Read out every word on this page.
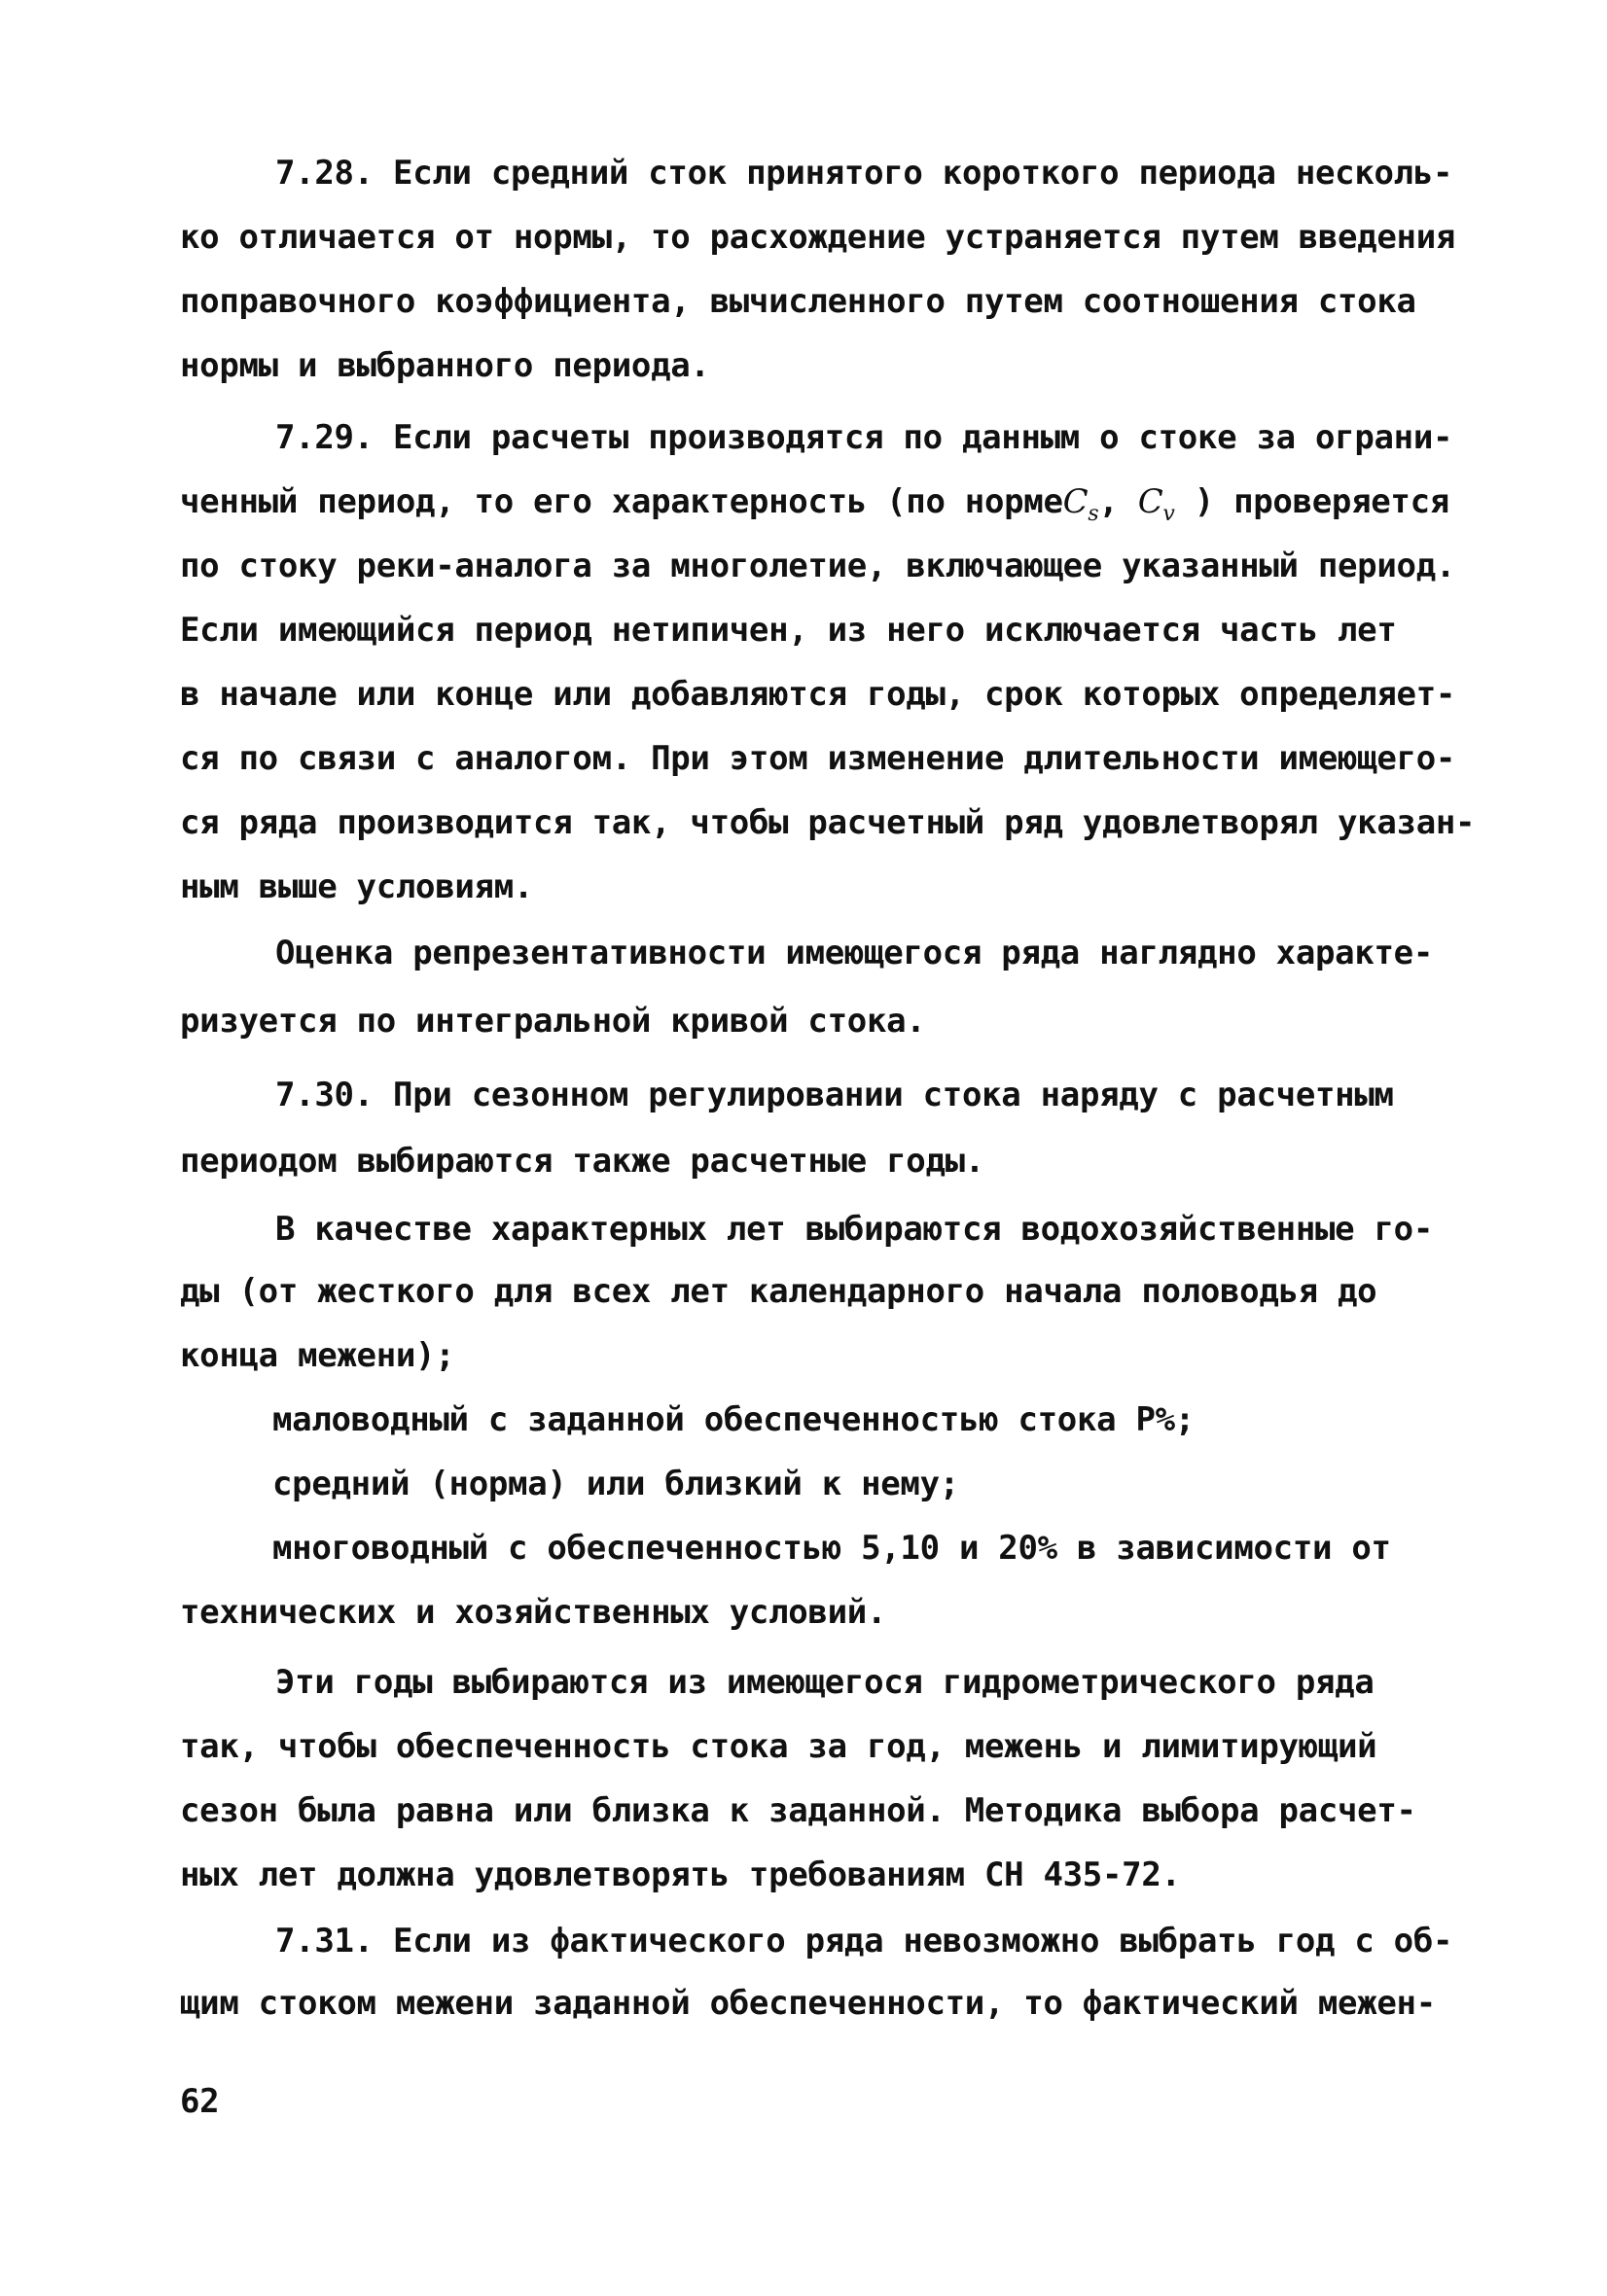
7.28. Если средний сток принятого короткого периода несколь-
ко отличается от нормы, то расхождение устраняется путем введения
поправочного коэффициента, вычисленного путем соотношения стока
нормы и выбранного периода.
7.29. Если расчеты производятся по данным о стоке за ограни-
ченный период, то его характерность (по нормеC$_s$, $C_v$ ) проверяется
по стоку реки-аналога за многолетие, включающее указанный период.
Если имеющийся период нетипичен, из него исключается часть лет
в начале или конце или добавляются годы, срок которых определяет-
ся по связи с аналогом. При этом изменение длительности имеющего-
ся ряда производится так, чтобы расчетный ряд удовлетворял указан-
ным выше условиям.
Оценка репрезентативности имеющегося ряда наглядно характе-
ризуется по интегральной кривой стока.
7.30. При сезонном регулировании стока наряду с расчетным
периодом выбираются также расчетные годы.
В качестве характерных лет выбираются водохозяйственные го-
ды (от жесткого для всех лет календарного начала половодья до
конца межени);
маловодный с заданной обеспеченностью стока Р%;
средний (норма) или близкий к нему;
многоводный с обеспеченностью 5,10 и 20% в зависимости от
технических и хозяйственных условий.
Эти годы выбираются из имеющегося гидрометрического ряда
так, чтобы обеспеченность стока за год, межень и лимитирующий
сезон была равна или близка к заданной. Методика выбора расчет-
ных лет должна удовлетворять требованиям СН 435-72.
7.31. Если из фактического ряда невозможно выбрать год с об-
щим стоком межени заданной обеспеченности, то фактический межен-
62
